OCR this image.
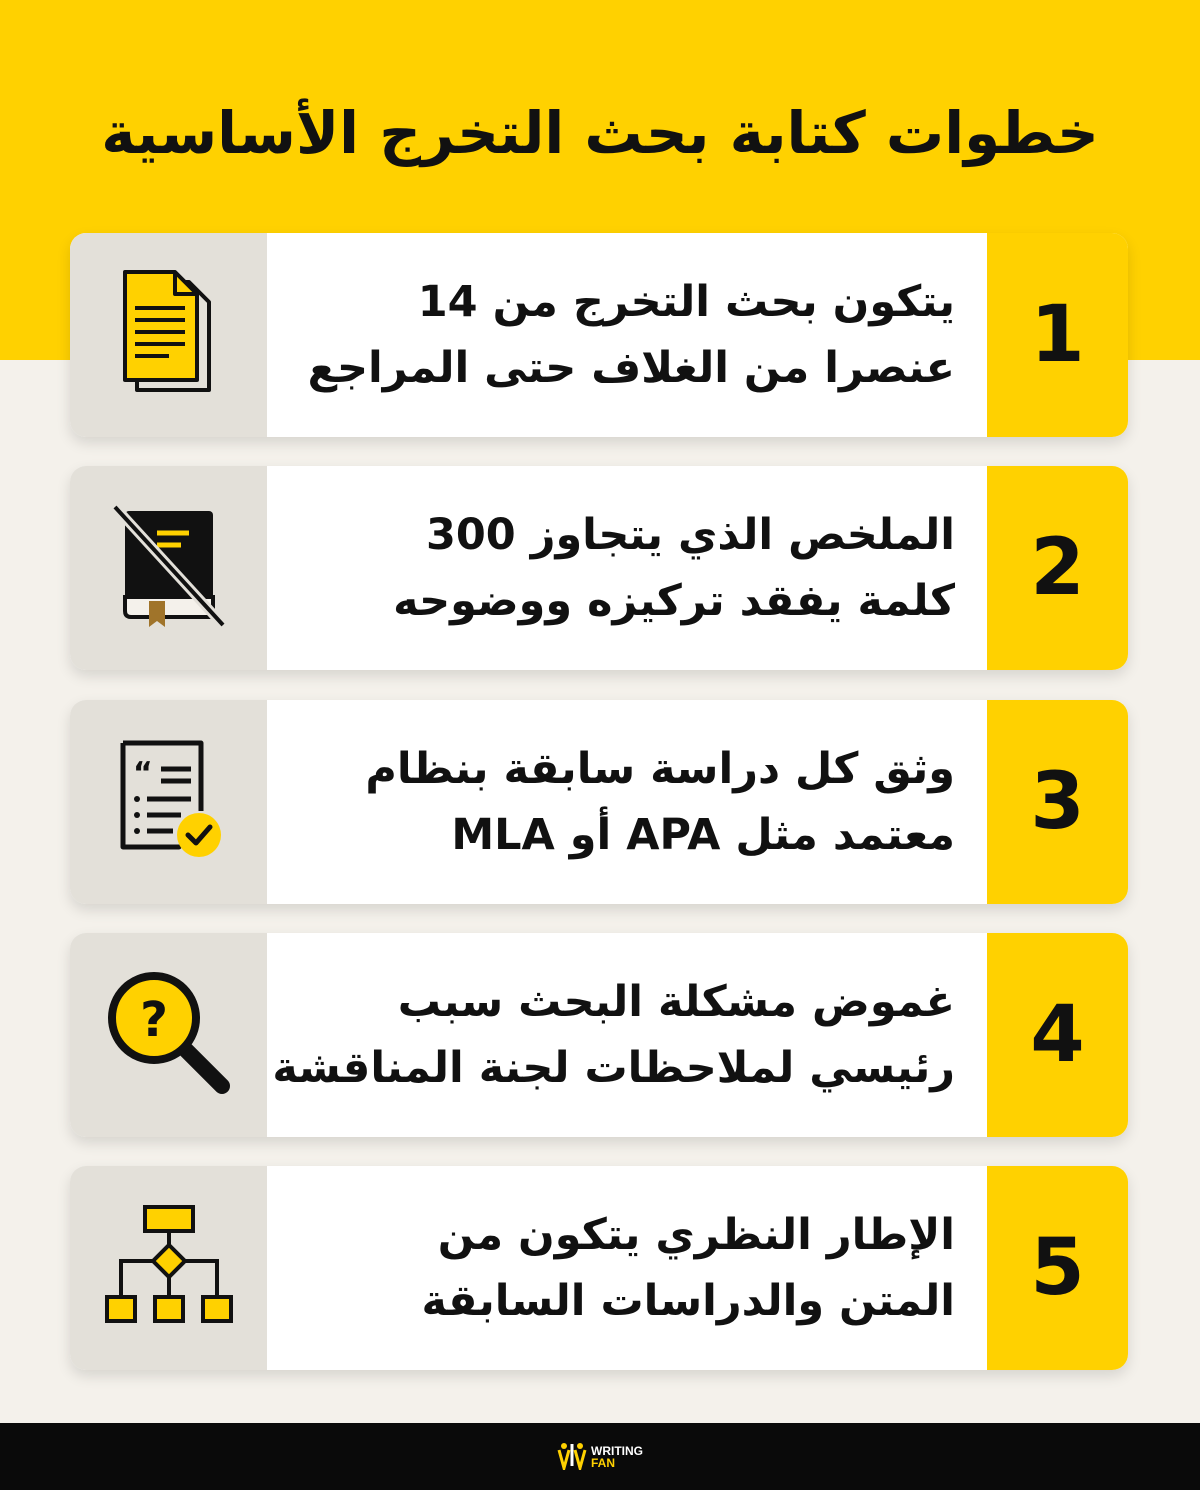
خطوات كتابة بحث التخرج الأساسية
يتكون بحث التخرج من 14
عنصرا من الغلاف حتى المراجع 1
الملخص الذي يتجاوز 300
كلمة يفقد تركيزه ووضوحه 2
“	وثق كل دراسة سابقة بنظام
معتمد مثل APA أو MLA 3
?	غموض مشكلة البحث سبب
رئيسي لملاحظات لجنة المناقشة 4
الإطار النظري يتكون من
المتن والدراسات السابقة 5
WRITING
FAN
